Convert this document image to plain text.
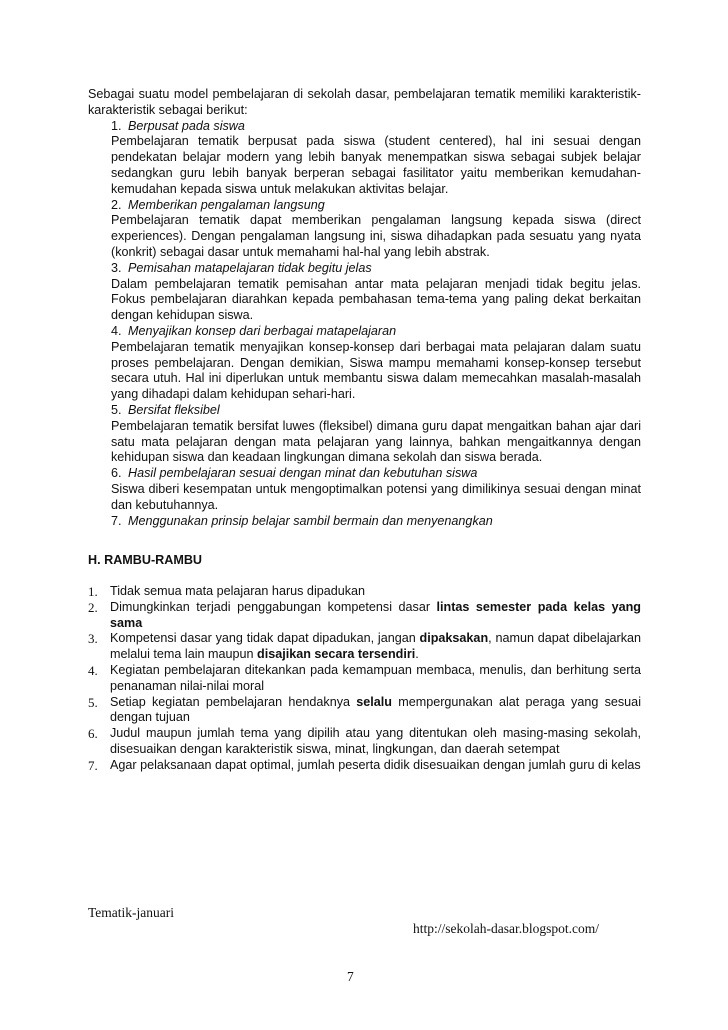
Sebagai suatu model pembelajaran di sekolah dasar, pembelajaran tematik memiliki karakteristik-karakteristik sebagai berikut:

1. Berpusat pada siswa

Pembelajaran tematik berpusat pada siswa (student centered), hal ini sesuai dengan pendekatan belajar modern yang lebih banyak menempatkan siswa sebagai subjek belajar sedangkan guru lebih banyak berperan sebagai fasilitator yaitu memberikan kemudahan-kemudahan kepada siswa untuk melakukan aktivitas belajar.

2. Memberikan pengalaman langsung

Pembelajaran tematik dapat memberikan pengalaman langsung kepada siswa (direct experiences). Dengan pengalaman langsung ini, siswa dihadapkan pada sesuatu yang nyata (konkrit) sebagai dasar untuk memahami hal-hal yang lebih abstrak.

3. Pemisahan matapelajaran tidak begitu jelas

Dalam pembelajaran tematik pemisahan antar mata pelajaran menjadi tidak begitu jelas. Fokus pembelajaran diarahkan kepada pembahasan tema-tema yang paling dekat berkaitan dengan kehidupan siswa.

4. Menyajikan konsep dari berbagai matapelajaran

Pembelajaran tematik menyajikan konsep-konsep dari berbagai mata pelajaran dalam suatu proses pembelajaran. Dengan demikian, Siswa mampu memahami konsep-konsep tersebut secara utuh. Hal ini diperlukan untuk membantu siswa dalam memecahkan masalah-masalah yang dihadapi dalam kehidupan sehari-hari.

5. Bersifat fleksibel

Pembelajaran tematik bersifat luwes (fleksibel) dimana guru dapat mengaitkan bahan ajar dari satu mata pelajaran dengan mata pelajaran yang lainnya, bahkan mengaitkannya dengan kehidupan siswa dan keadaan lingkungan dimana sekolah dan siswa berada.

6. Hasil pembelajaran sesuai dengan minat dan kebutuhan siswa

Siswa diberi kesempatan untuk mengoptimalkan potensi yang dimilikinya sesuai dengan minat dan kebutuhannya.

7. Menggunakan prinsip belajar sambil bermain dan menyenangkan
H. RAMBU-RAMBU
1. Tidak semua mata pelajaran harus dipadukan
2. Dimungkinkan terjadi penggabungan kompetensi dasar lintas semester pada kelas yang sama
3. Kompetensi dasar yang tidak dapat dipadukan, jangan dipaksakan, namun dapat dibelajarkan melalui tema lain maupun disajikan secara tersendiri.
4. Kegiatan pembelajaran ditekankan pada kemampuan membaca, menulis, dan berhitung serta penanaman nilai-nilai moral
5. Setiap kegiatan pembelajaran hendaknya selalu mempergunakan alat peraga yang sesuai dengan tujuan
6. Judul maupun jumlah tema yang dipilih atau yang ditentukan oleh masing-masing sekolah, disesuaikan dengan karakteristik siswa, minat, lingkungan, dan daerah setempat
7. Agar pelaksanaan dapat optimal, jumlah peserta didik disesuaikan dengan jumlah guru di kelas
Tematik-januari
http://sekolah-dasar.blogspot.com/
7
